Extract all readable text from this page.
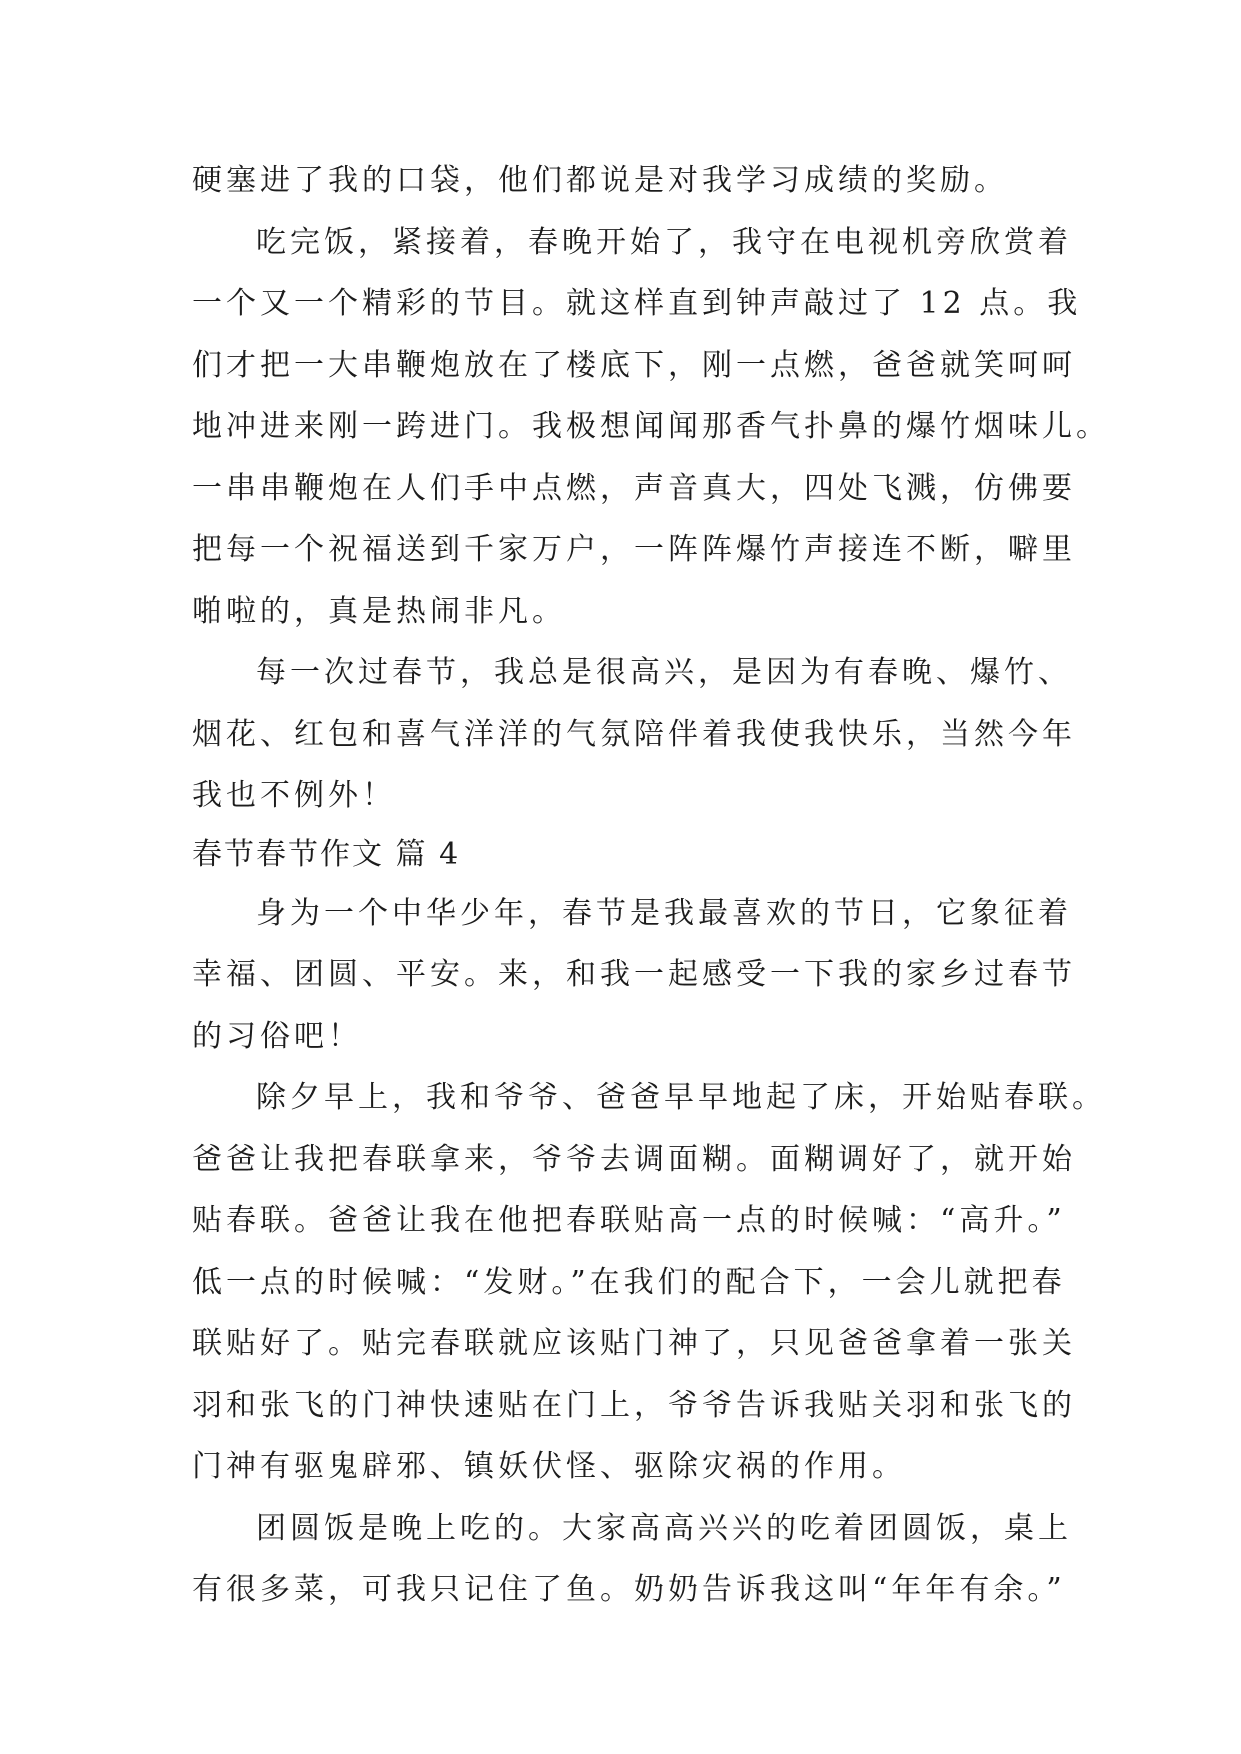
硬塞进了我的口袋，他们都说是对我学习成绩的奖励。
吃完饭，紧接着，春晚开始了，我守在电视机旁欣赏着
一个又一个精彩的节目。就这样直到钟声敲过了 12 点。我
们才把一大串鞭炮放在了楼底下，刚一点燃，爸爸就笑呵呵
地冲进来刚一跨进门。我极想闻闻那香气扑鼻的爆竹烟味儿。
一串串鞭炮在人们手中点燃，声音真大，四处飞溅，仿佛要
把每一个祝福送到千家万户，一阵阵爆竹声接连不断，噼里
啪啦的，真是热闹非凡。
每一次过春节，我总是很高兴，是因为有春晚、爆竹、
烟花、红包和喜气洋洋的气氛陪伴着我使我快乐，当然今年
我也不例外！
春节春节作文 篇 4
身为一个中华少年，春节是我最喜欢的节日，它象征着
幸福、团圆、平安。来，和我一起感受一下我的家乡过春节
的习俗吧！
除夕早上，我和爷爷、爸爸早早地起了床，开始贴春联。
爸爸让我把春联拿来，爷爷去调面糊。面糊调好了，就开始
贴春联。爸爸让我在他把春联贴高一点的时候喊：“高升。”
低一点的时候喊：“发财。”在我们的配合下，一会儿就把春
联贴好了。贴完春联就应该贴门神了，只见爸爸拿着一张关
羽和张飞的门神快速贴在门上，爷爷告诉我贴关羽和张飞的
门神有驱鬼辟邪、镇妖伏怪、驱除灾祸的作用。
团圆饭是晚上吃的。大家高高兴兴的吃着团圆饭，桌上
有很多菜，可我只记住了鱼。奶奶告诉我这叫“年年有余。”
